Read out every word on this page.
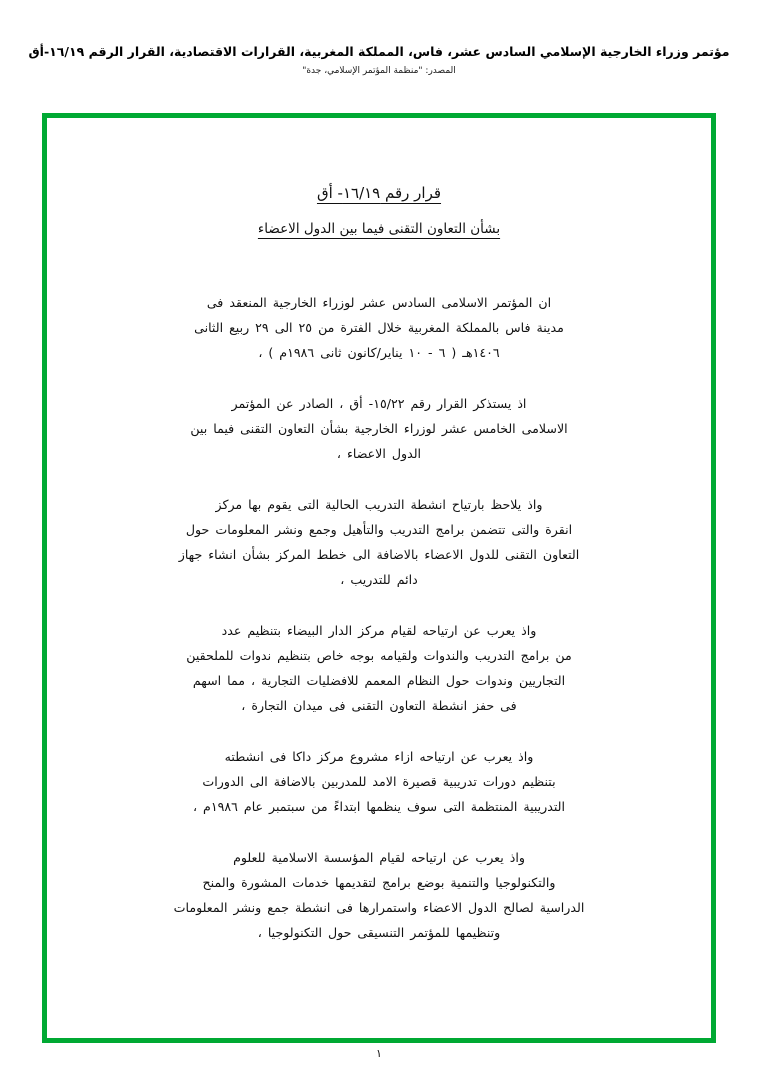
مؤتمر وزراء الخارجية الإسلامي السادس عشر، فاس، المملكة المغربية، القرارات الاقتصادية، القرار الرقم ١٦/١٩-أق
المصدر: "منظمة المؤتمر الإسلامي، جدة"
قرار رقم ١٦/١٩- أق
بشأن التعاون التقنى فيما بين الدول الاعضاء
ان المؤتمر الاسلامى السادس عشر لوزراء الخارجية المنعقد فى
مدينة فاس بالمملكة المغربية خلال الفترة من ٢٥ الى ٢٩ ربيع الثانى
١٤٠٦هـ ( ٦ - ١٠ يناير/كانون ثانى ١٩٨٦م ) ،
اذ يستذكر القرار رقم ١٥/٢٢- أق ، الصادر عن المؤتمر
الاسلامى الخامس عشر لوزراء الخارجية بشأن التعاون التقنى فيما بين
الدول الاعضاء ،
واذ يلاحظ بارتياح انشطة التدريب الحالية التى يقوم بها مركز
انقرة والتى تتضمن برامج التدريب والتأهيل وجمع ونشر المعلومات حول
التعاون التقنى للدول الاعضاء بالاضافة الى خطط المركز بشأن انشاء جهاز
دائم للتدريب ،
واذ يعرب عن ارتياحه لقيام مركز الدار البيضاء بتنظيم عدد
من برامج التدريب والندوات ولقيامه بوجه خاص بتنظيم ندوات للملحقين
التجاريين وندوات حول النظام المعمم للافضليات التجارية ، مما اسهم
فى حفز انشطة التعاون التقنى فى ميدان التجارة ،
واذ يعرب عن ارتياحه ازاء مشروع مركز داكا فى انشطته
بتنظيم دورات تدريبية قصيرة الامد للمدربين بالاضافة الى الدورات
التدريبية المنتظمة التى سوف ينظمها ابتداءً من سبتمبر عام ١٩٨٦م ،
واذ يعرب عن ارتياحه لقيام المؤسسة الاسلامية للعلوم
والتكنولوجيا والتنمية بوضع برامج لتقديمها خدمات المشورة والمنح
الدراسية لصالح الدول الاعضاء واستمرارها فى انشطة جمع ونشر المعلومات
وتنظيمها للمؤتمر التنسيقى حول التكنولوجيا ،
١
